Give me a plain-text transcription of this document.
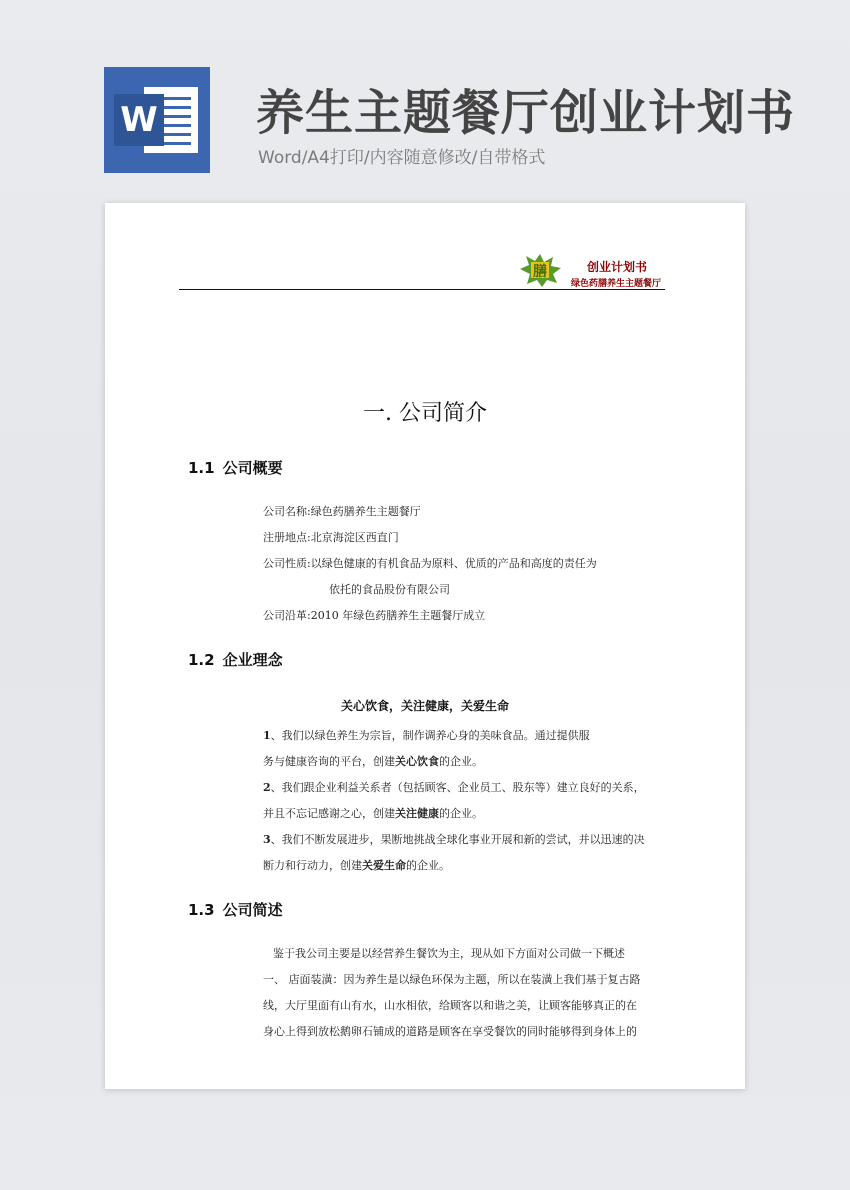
W 养生主题餐厅创业计划书
Word/A4打印/内容随意修改/自带格式
膳	创业计划书
绿色药膳养生主题餐厅
一. 公司简介
1.1 公司概要
公司名称:绿色药膳养生主题餐厅
注册地点:北京海淀区西直门
公司性质:以绿色健康的有机食品为原料、优质的产品和高度的责任为
依托的食品股份有限公司
公司沿革:2010 年绿色药膳养生主题餐厅成立
1.2 企业理念
关心饮食，关注健康，关爱生命
1、我们以绿色养生为宗旨，制作调养心身的美味食品。通过提供服
务与健康咨询的平台，创建关心饮食的企业。
2、我们跟企业利益关系者（包括顾客、企业员工、股东等）建立良好的关系，
并且不忘记感谢之心，创建关注健康的企业。
3、我们不断发展进步，果断地挑战全球化事业开展和新的尝试，并以迅速的决
断力和行动力，创建关爱生命的企业。
1.3 公司简述
鉴于我公司主要是以经营养生餐饮为主，现从如下方面对公司做一下概述
一、 店面装潢：因为养生是以绿色环保为主题，所以在装潢上我们基于复古路
线，大厅里面有山有水，山水相依，给顾客以和谐之美，让顾客能够真正的在
身心上得到放松鹅卵石铺成的道路是顾客在享受餐饮的同时能够得到身体上的
